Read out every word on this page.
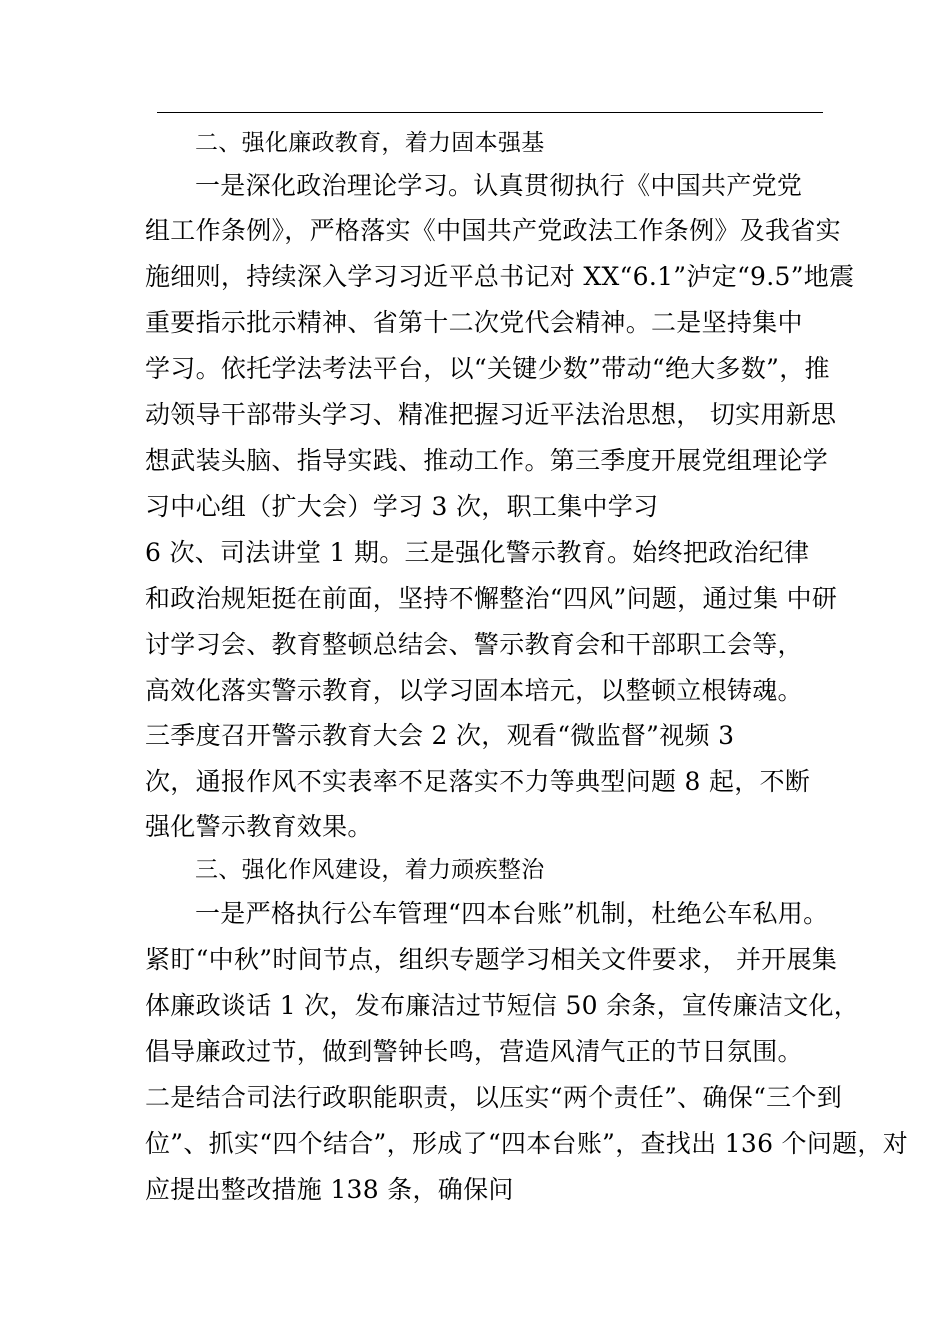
二、强化廉政教育，着力固本强基
一是深化政治理论学习。认真贯彻执行《中国共产党党
组工作条例》，严格落实《中国共产党政法工作条例》及我省实
施细则，持续深入学习习近平总书记对 XX“6.1”泸定“9.5”地震
重要指示批示精神、省第十二次党代会精神。二是坚持集中
学习。依托学法考法平台，以“关键少数”带动“绝大多数”，推
动领导干部带头学习、精准把握习近平法治思想， 切实用新思
想武装头脑、指导实践、推动工作。第三季度开展党组理论学
习中心组（扩大会）学习 3 次，职工集中学习
6 次、司法讲堂 1 期。三是强化警示教育。始终把政治纪律
和政治规矩挺在前面，坚持不懈整治“四风”问题，通过集 中研
讨学习会、教育整顿总结会、警示教育会和干部职工会等，
高效化落实警示教育，以学习固本培元，以整顿立根铸魂。
三季度召开警示教育大会 2 次，观看“微监督”视频 3
次，通报作风不实表率不足落实不力等典型问题 8 起，不断
强化警示教育效果。
三、强化作风建设，着力顽疾整治
一是严格执行公车管理“四本台账”机制，杜绝公车私用。
紧盯“中秋”时间节点，组织专题学习相关文件要求， 并开展集
体廉政谈话 1 次，发布廉洁过节短信 50 余条，宣传廉洁文化，
倡导廉政过节，做到警钟长鸣，营造风清气正的节日氛围。
二是结合司法行政职能职责，以压实“两个责任”、确保“三个到
位”、抓实“四个结合”，形成了“四本台账”，查找出 136 个问题，对
应提出整改措施 138 条，确保问
